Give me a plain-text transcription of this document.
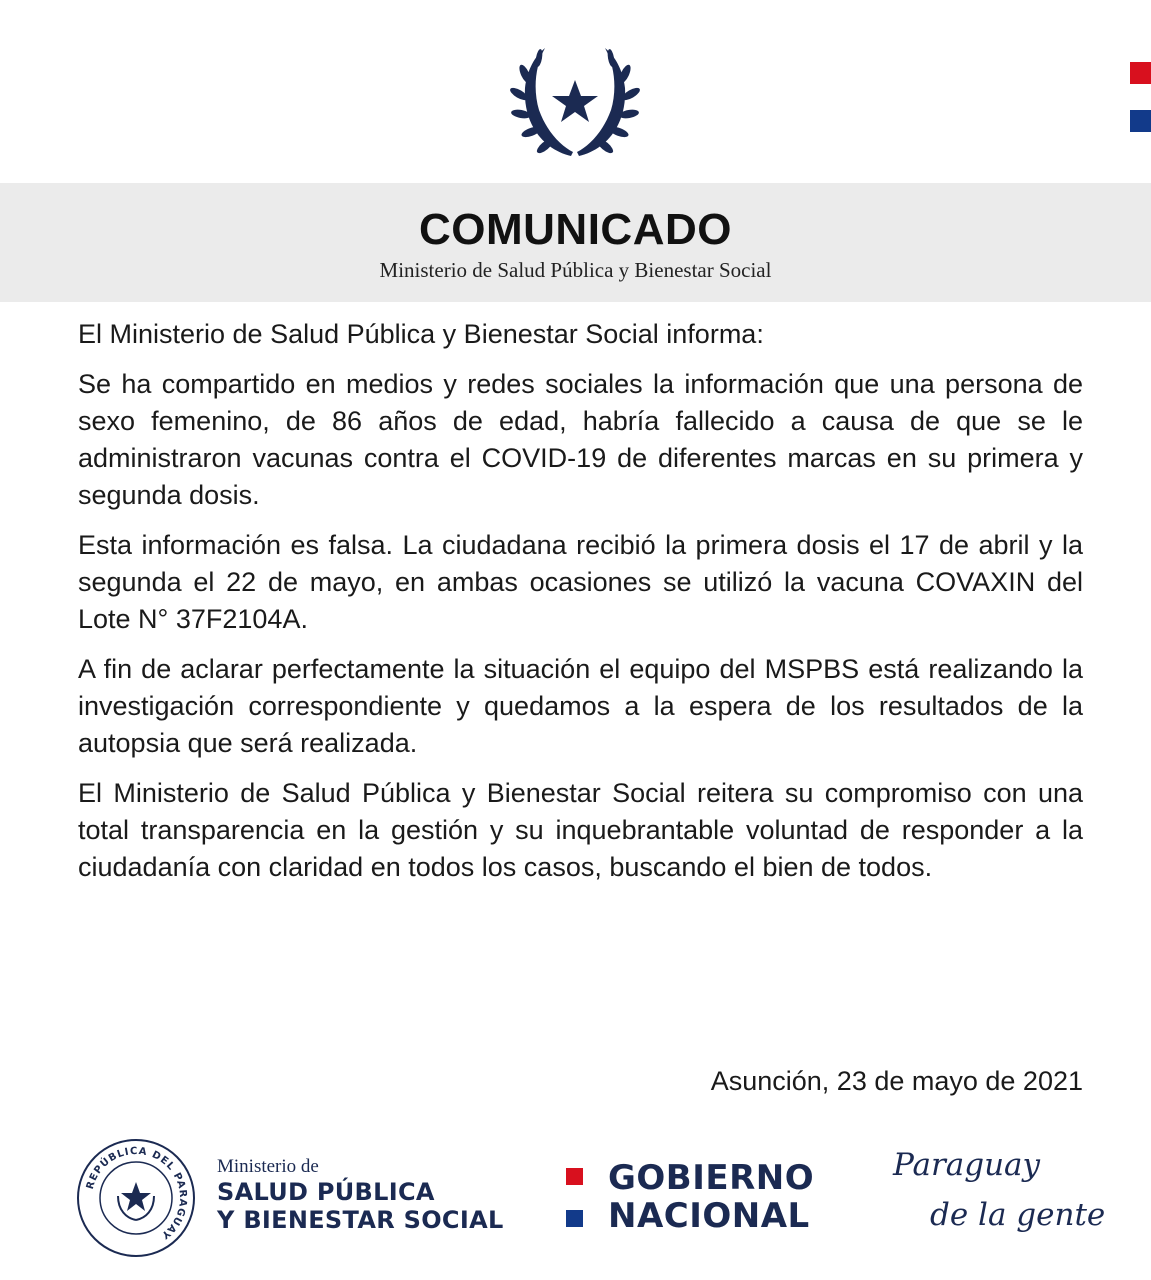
COMUNICADO
Ministerio de Salud Pública y Bienestar Social

El Ministerio de Salud Pública y Bienestar Social informa:

Se ha compartido en medios y redes sociales la información que una persona de sexo femenino, de 86 años de edad, habría fallecido a causa de que se le administraron vacunas contra el COVID-19 de diferentes marcas en su primera y segunda dosis.

Esta información es falsa. La ciudadana recibió la primera dosis el 17 de abril y la segunda el 22 de mayo, en ambas ocasiones se utilizó la vacuna COVAXIN del Lote N° 37F2104A.

A fin de aclarar perfectamente la situación el equipo del MSPBS está realizando la investigación correspondiente y quedamos a la espera de los resultados de la autopsia que será realizada.

El Ministerio de Salud Pública y Bienestar Social reitera su compromiso con una total transparencia en la gestión y su inquebrantable voluntad de responder a la ciudadanía con claridad en todos los casos, buscando el bien de todos.

Asunción, 23 de mayo de 2021
REPÚBLICA DEL PARAGUAY
Ministerio de
SALUD PÚBLICA
Y BIENESTAR SOCIAL
GOBIERNO
NACIONAL
Paraguay
de la gente
